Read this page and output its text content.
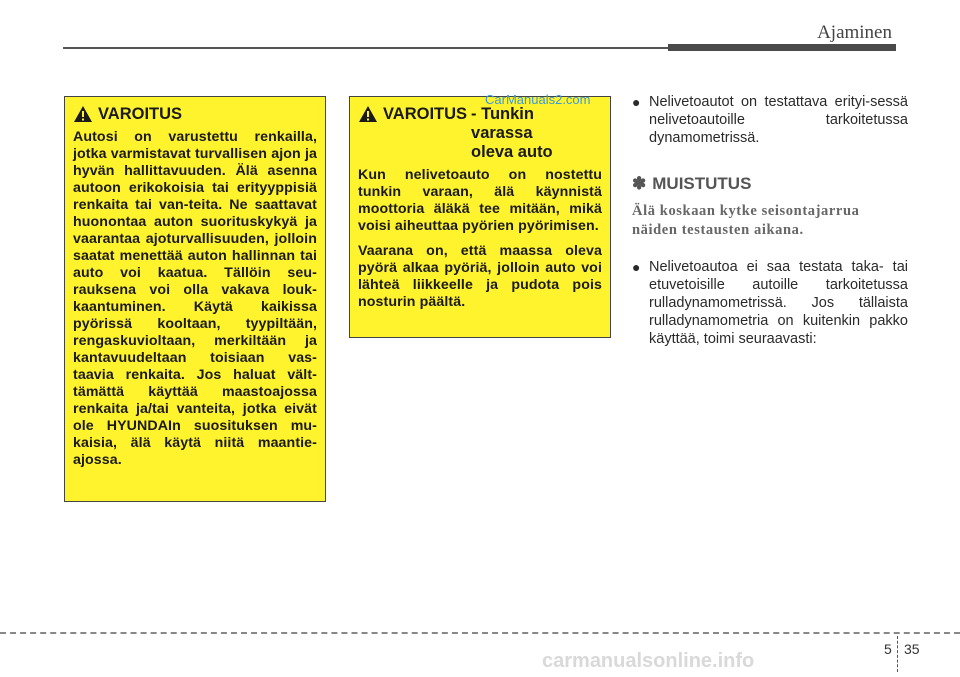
Ajaminen
VAROITUS

Autosi on varustettu renkailla, jotka varmistavat turvallisen ajon ja hyvän hallittavuuden. Älä asenna autoon erikokoisia tai erityyppisiä renkaita tai van-teita. Ne saattavat huonontaa auton suorituskykyä ja vaarantaa ajoturvallisuuden, jolloin saatat menettää auton hallinnan tai auto voi kaatua. Tällöin seu-rauksena voi olla vakava louk-kaantuminen. Käytä kaikissa pyörissä kooltaan, tyypiltään, rengaskuvioltaan, merkiltään ja kantavuudeltaan toisiaan vas-taavia renkaita. Jos haluat vält-tämättä käyttää maastoajossa renkaita ja/tai vanteita, jotka eivät ole HYUNDAIn suosituksen mu-kaisia, älä käytä niitä maantie-ajossa.

VAROITUS - Tunkin
varassa
oleva auto

Kun nelivetoauto on nostettu tunkin varaan, älä käynnistä moottoria äläkä tee mitään, mikä voisi aiheuttaa pyörien pyörimisen.

Vaarana on, että maassa oleva pyörä alkaa pyöriä, jolloin auto voi lähteä liikkeelle ja pudota pois nosturin päältä.

CarManuals2.com	● Nelivetoautot on testattava erityi-sessä nelivetoautoille tarkoitetussa dynamometrissä.
✽ MUISTUTUS
Älä koskaan kytke seisontajarrua näiden testausten aikana.
● Nelivetoautoa ei saa testata taka- tai etuvetoisille autoille tarkoitetussa rulladynamometrissä. Jos tällaista rulladynamometria on kuitenkin pakko käyttää, toimi seuraavasti:
5 35
carmanualsonline.info
